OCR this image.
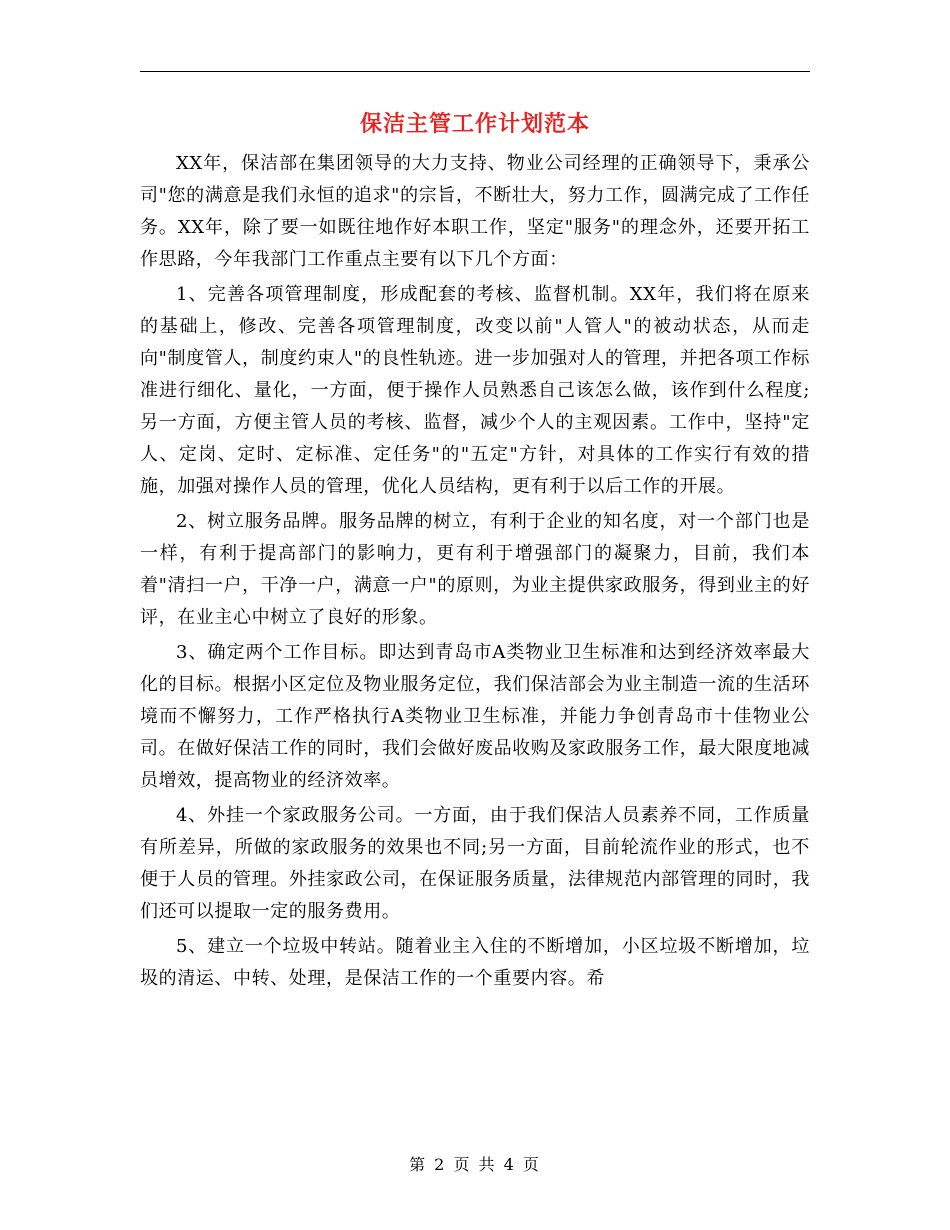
保洁主管工作计划范本

XX年，保洁部在集团领导的大力支持、物业公司经理的正确领导下，秉承公司"您的满意是我们永恒的追求"的宗旨，不断壮大，努力工作，圆满完成了工作任务。XX年，除了要一如既往地作好本职工作，坚定"服务"的理念外，还要开拓工作思路，今年我部门工作重点主要有以下几个方面：

1、完善各项管理制度，形成配套的考核、监督机制。XX年，我们将在原来的基础上，修改、完善各项管理制度，改变以前"人管人"的被动状态，从而走向"制度管人，制度约束人"的良性轨迹。进一步加强对人的管理，并把各项工作标准进行细化、量化，一方面，便于操作人员熟悉自己该怎么做，该作到什么程度;另一方面，方便主管人员的考核、监督，减少个人的主观因素。工作中，坚持"定人、定岗、定时、定标准、定任务"的"五定"方针，对具体的工作实行有效的措施，加强对操作人员的管理，优化人员结构，更有利于以后工作的开展。

2、树立服务品牌。服务品牌的树立，有利于企业的知名度，对一个部门也是一样，有利于提高部门的影响力，更有利于增强部门的凝聚力，目前，我们本着"清扫一户，干净一户，满意一户"的原则，为业主提供家政服务，得到业主的好评，在业主心中树立了良好的形象。

3、确定两个工作目标。即达到青岛市A类物业卫生标准和达到经济效率最大化的目标。根据小区定位及物业服务定位，我们保洁部会为业主制造一流的生活环境而不懈努力，工作严格执行A类物业卫生标准，并能力争创青岛市十佳物业公司。在做好保洁工作的同时，我们会做好废品收购及家政服务工作，最大限度地减员增效，提高物业的经济效率。

4、外挂一个家政服务公司。一方面，由于我们保洁人员素养不同，工作质量有所差异，所做的家政服务的效果也不同;另一方面，目前轮流作业的形式，也不便于人员的管理。外挂家政公司，在保证服务质量，法律规范内部管理的同时，我们还可以提取一定的服务费用。

5、建立一个垃圾中转站。随着业主入住的不断增加，小区垃圾不断增加，垃圾的清运、中转、处理，是保洁工作的一个重要内容。希

第 2 页 共 4 页
